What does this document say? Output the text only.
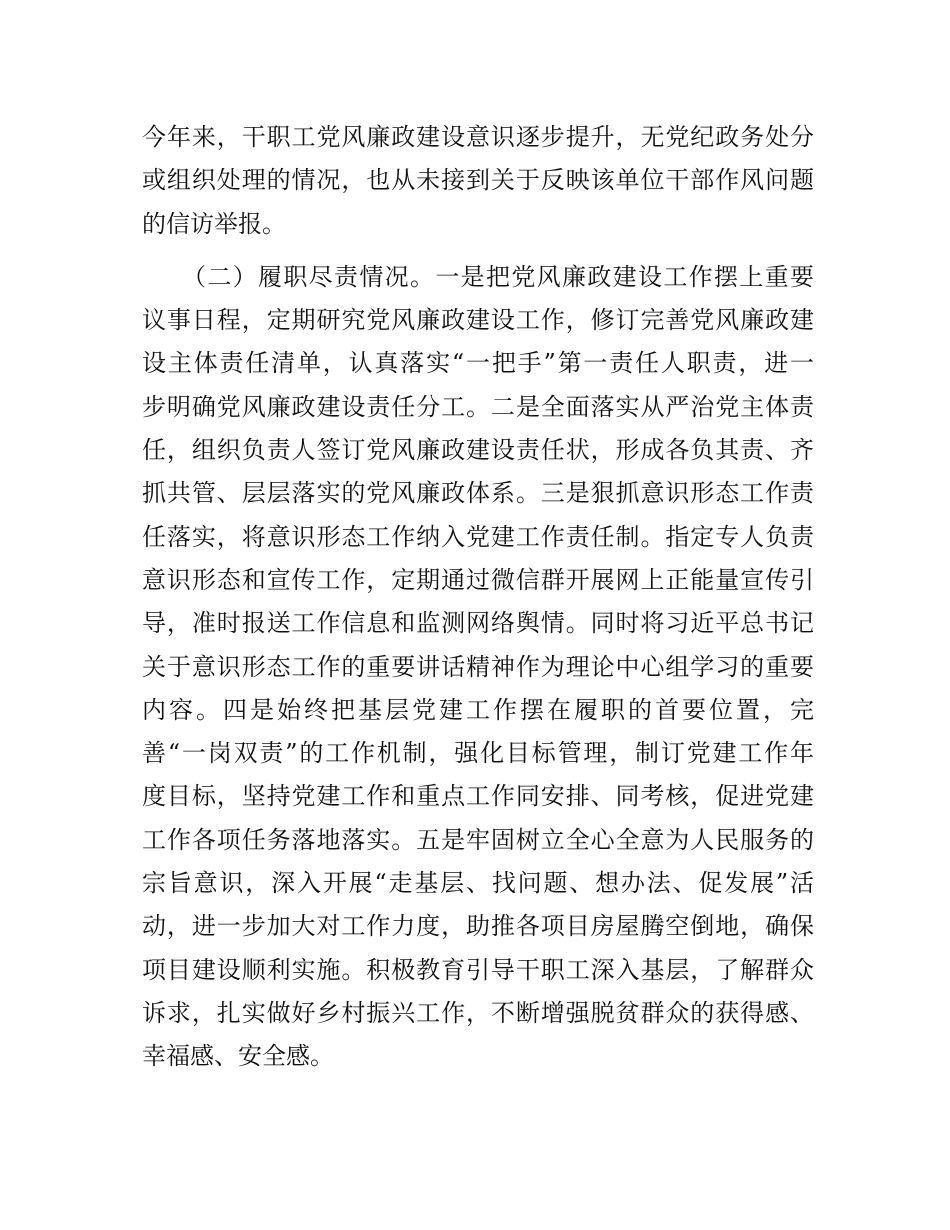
今年来，干职工党风廉政建设意识逐步提升，无党纪政务处分
或组织处理的情况，也从未接到关于反映该单位干部作风问题
的信访举报。
（二）履职尽责情况。一是把党风廉政建设工作摆上重要
议事日程，定期研究党风廉政建设工作，修订完善党风廉政建
设主体责任清单，认真落实“一把手”第一责任人职责，进一
步明确党风廉政建设责任分工。二是全面落实从严治党主体责
任，组织负责人签订党风廉政建设责任状，形成各负其责、齐
抓共管、层层落实的党风廉政体系。三是狠抓意识形态工作责
任落实，将意识形态工作纳入党建工作责任制。指定专人负责
意识形态和宣传工作，定期通过微信群开展网上正能量宣传引
导，准时报送工作信息和监测网络舆情。同时将习近平总书记
关于意识形态工作的重要讲话精神作为理论中心组学习的重要
内容。四是始终把基层党建工作摆在履职的首要位置，完
善“一岗双责”的工作机制，强化目标管理，制订党建工作年
度目标，坚持党建工作和重点工作同安排、同考核，促进党建
工作各项任务落地落实。五是牢固树立全心全意为人民服务的
宗旨意识，深入开展“走基层、找问题、想办法、促发展”活
动，进一步加大对工作力度，助推各项目房屋腾空倒地，确保
项目建设顺利实施。积极教育引导干职工深入基层，了解群众
诉求，扎实做好乡村振兴工作，不断增强脱贫群众的获得感、
幸福感、安全感。
